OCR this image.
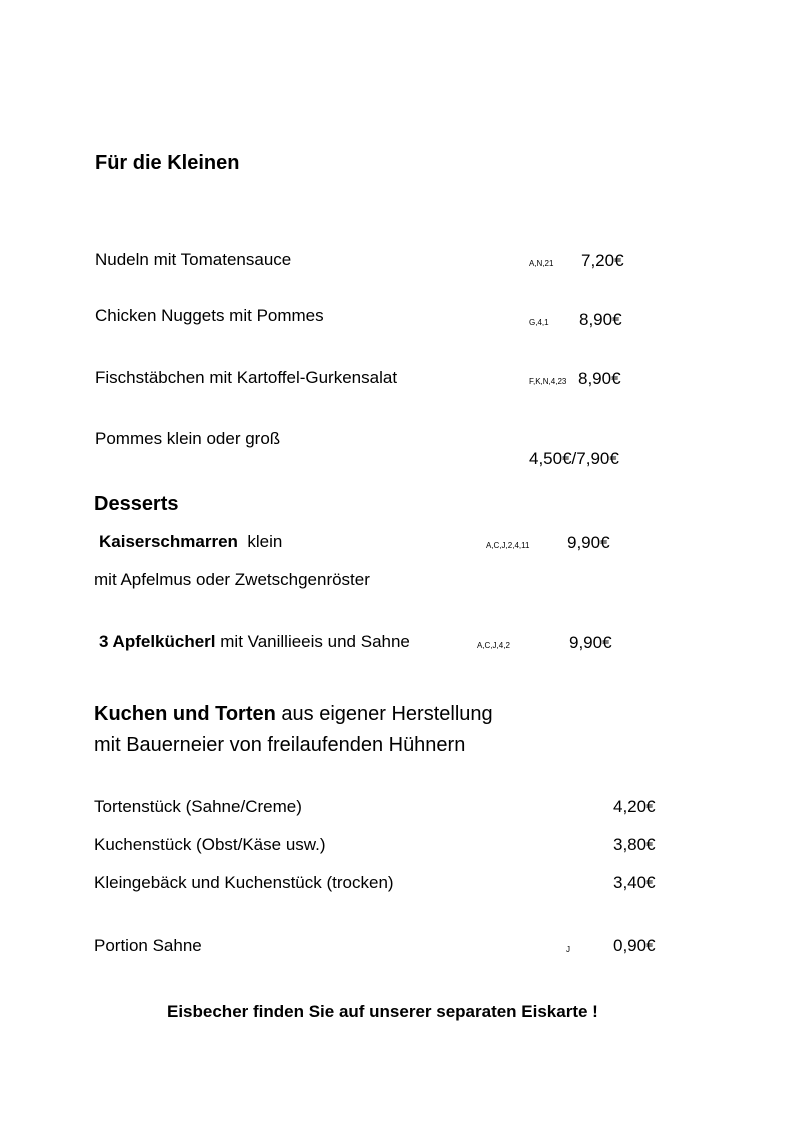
Für die Kleinen
Nudeln mit Tomatensauce	A,N,21 7,20€
Chicken Nuggets mit Pommes	G,4,1 8,90€
Fischstäbchen mit Kartoffel-Gurkensalat	F,K,N,4,23 8,90€
Pommes klein oder groß
4,50€/7,90€
Desserts
Kaiserschmarren klein	A,C,J,2,4,11 9,90€
mit Apfelmus oder Zwetschgenröster
3 Apfelkücherl mit Vanillieeis und Sahne	A,C,J,4,2	9,90€
Kuchen und Torten aus eigener Herstellung
mit Bauerneier von freilaufenden Hühnern
Tortenstück (Sahne/Creme)	4,20€
Kuchenstück (Obst/Käse usw.)	3,80€
Kleingebäck und Kuchenstück (trocken)	3,40€
Portion Sahne	J	0,90€
Eisbecher finden Sie auf unserer separaten Eiskarte !
